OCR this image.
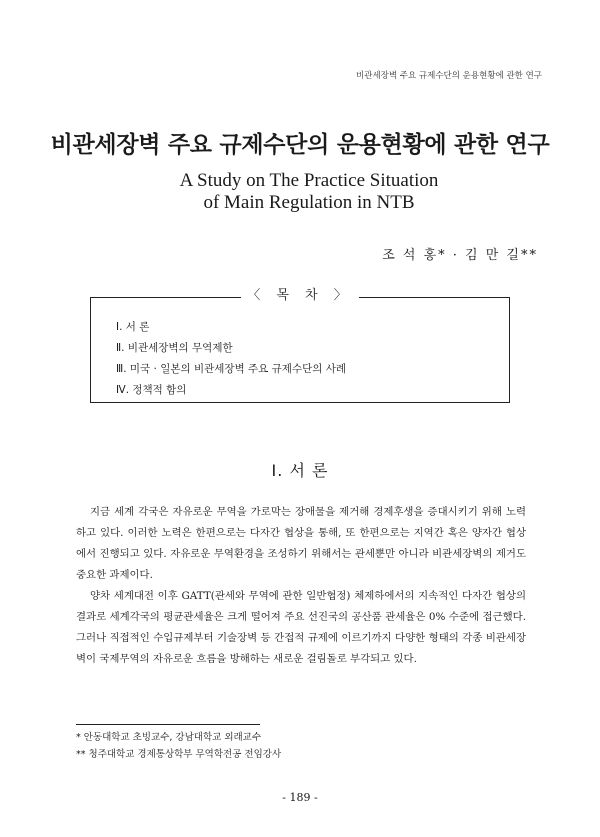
비관세장벽 주요 규제수단의 운용현황에 관한 연구
비관세장벽 주요 규제수단의 운용현황에 관한 연구
A Study on The Practice Situation
of Main Regulation in NTB
조 석 홍* · 김 만 길**
〈 목 차 〉
Ⅰ. 서 론
Ⅱ. 비관세장벽의 무역제한
Ⅲ. 미국 · 일본의 비관세장벽 주요 규제수단의 사례
Ⅳ. 정책적 함의
Ⅰ. 서 론

지금 세계 각국은 자유로운 무역을 가로막는 장애물을 제거해 경제후생을 증대시키기 위해 노력하고 있다. 이러한 노력은 한편으로는 다자간 협상을 통해, 또 한편으로는 지역간 혹은 양자간 협상에서 진행되고 있다. 자유로운 무역환경을 조성하기 위해서는 관세뿐만 아니라 비관세장벽의 제거도 중요한 과제이다.

양차 세계대전 이후 GATT(관세와 무역에 관한 일반협정) 체제하에서의 지속적인 다자간 협상의 결과로 세계각국의 평균관세율은 크게 떨어져 주요 선진국의 공산품 관세율은 0% 수준에 접근했다. 그러나 직접적인 수입규제부터 기술장벽 등 간접적 규제에 이르기까지 다양한 형태의 각종 비관세장벽이 국제무역의 자유로운 흐름을 방해하는 새로운 걸림돌로 부각되고 있다.

* 안동대학교 초빙교수, 강남대학교 외래교수
** 청주대학교 경제통상학부 무역학전공 전임강사
- 189 -
